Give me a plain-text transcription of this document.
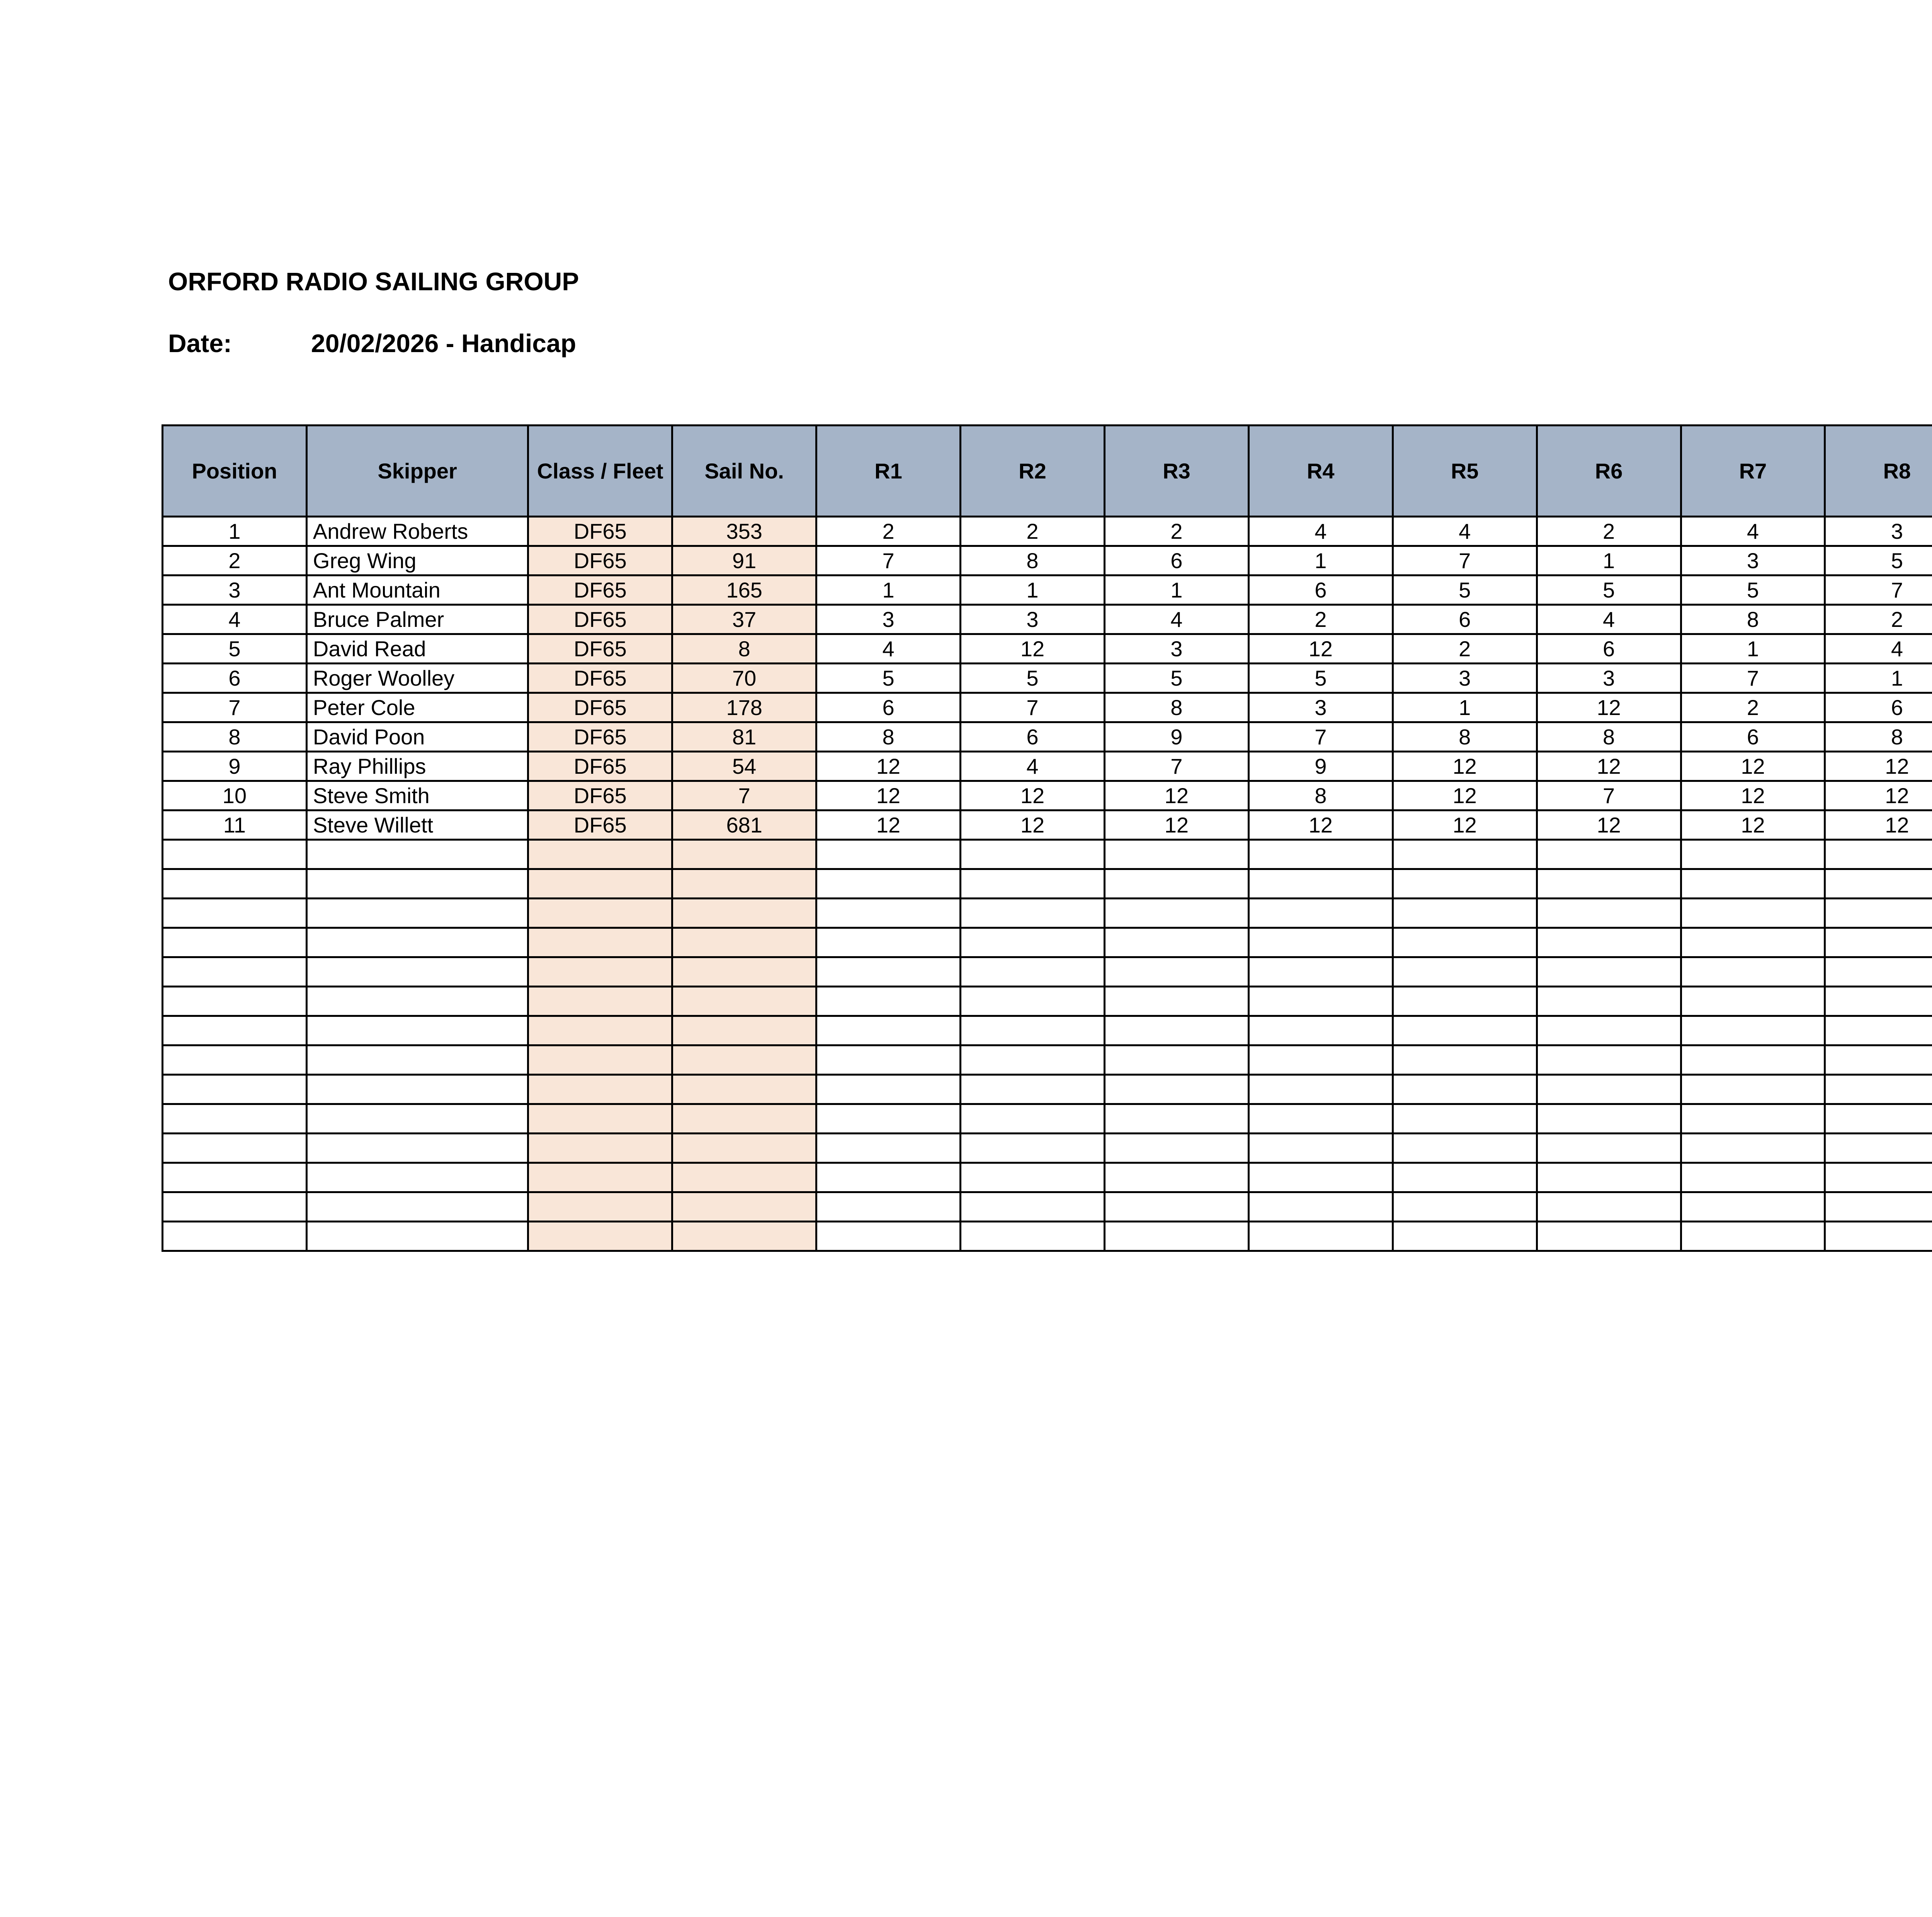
ORFORD RADIO SAILING GROUP
Date:	20/02/2026 - Handicap
Position	Skipper	Class / Fleet	Sail No.	R1	R2	R3	R4	R5	R6	R7	R8				
1	Andrew Roberts	DF65	353	2	2	2	4	4	2	4	3				
2	Greg Wing	DF65	91	7	8	6	1	7	1	3	5				
3	Ant Mountain	DF65	165	1	1	1	6	5	5	5	7				
4	Bruce Palmer	DF65	37	3	3	4	2	6	4	8	2				
5	David Read	DF65	8	4	12	3	12	2	6	1	4				
6	Roger Woolley	DF65	70	5	5	5	5	3	3	7	1				
7	Peter Cole	DF65	178	6	7	8	3	1	12	2	6				
8	David Poon	DF65	81	8	6	9	7	8	8	6	8				
9	Ray Phillips	DF65	54	12	4	7	9	12	12	12	12				
10	Steve Smith	DF65	7	12	12	12	8	12	7	12	12				
11	Steve Willett	DF65	681	12	12	12	12	12	12	12	12				
